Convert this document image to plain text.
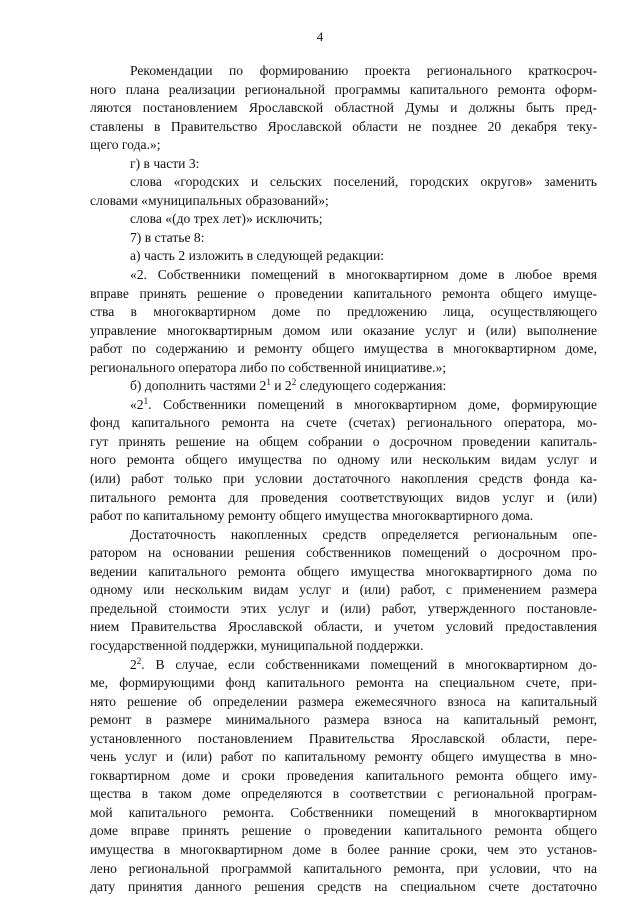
4
Рекомендации по формированию проекта регионального краткосроч-
ного плана реализации региональной программы капитального ремонта оформ-
ляются постановлением Ярославской областной Думы и должны быть пред-
ставлены в Правительство Ярославской области не позднее 20 декабря теку-
щего года.»;
г) в части 3:
слова «городских и сельских поселений, городских округов» заменить
словами «муниципальных образований»;
слова «(до трех лет)» исключить;
7) в статье 8:
а) часть 2 изложить в следующей редакции:
«2. Собственники помещений в многоквартирном доме в любое время
вправе принять решение о проведении капитального ремонта общего имуще-
ства в многоквартирном доме по предложению лица, осуществляющего
управление многоквартирным домом или оказание услуг и (или) выполнение
работ по содержанию и ремонту общего имущества в многоквартирном доме,
регионального оператора либо по собственной инициативе.»;
б) дополнить частями $2^1$ и $2^2$ следующего содержания:
«$2^1$. Собственники помещений в многоквартирном доме, формирующие
фонд капитального ремонта на счете (счетах) регионального оператора, мо-
гут принять решение на общем собрании о досрочном проведении капиталь-
ного ремонта общего имущества по одному или нескольким видам услуг и
(или) работ только при условии достаточного накопления средств фонда ка-
питального ремонта для проведения соответствующих видов услуг и (или)
работ по капитальному ремонту общего имущества многоквартирного дома.
Достаточность накопленных средств определяется региональным опе-
ратором на основании решения собственников помещений о досрочном про-
ведении капитального ремонта общего имущества многоквартирного дома по
одному или нескольким видам услуг и (или) работ, с применением размера
предельной стоимости этих услуг и (или) работ, утвержденного постановле-
нием Правительства Ярославской области, и учетом условий предоставления
государственной поддержки, муниципальной поддержки.
$2^2$. В случае, если собственниками помещений в многоквартирном до-
ме, формирующими фонд капитального ремонта на специальном счете, при-
нято решение об определении размера ежемесячного взноса на капитальный
ремонт в размере минимального размера взноса на капитальный ремонт,
установленного постановлением Правительства Ярославской области, пере-
чень услуг и (или) работ по капитальному ремонту общего имущества в мно-
гоквартирном доме и сроки проведения капитального ремонта общего иму-
щества в таком доме определяются в соответствии с региональной програм-
мой капитального ремонта. Собственники помещений в многоквартирном
доме вправе принять решение о проведении капитального ремонта общего
имущества в многоквартирном доме в более ранние сроки, чем это установ-
лено региональной программой капитального ремонта, при условии, что на
дату принятия данного решения средств на специальном счете достаточно
